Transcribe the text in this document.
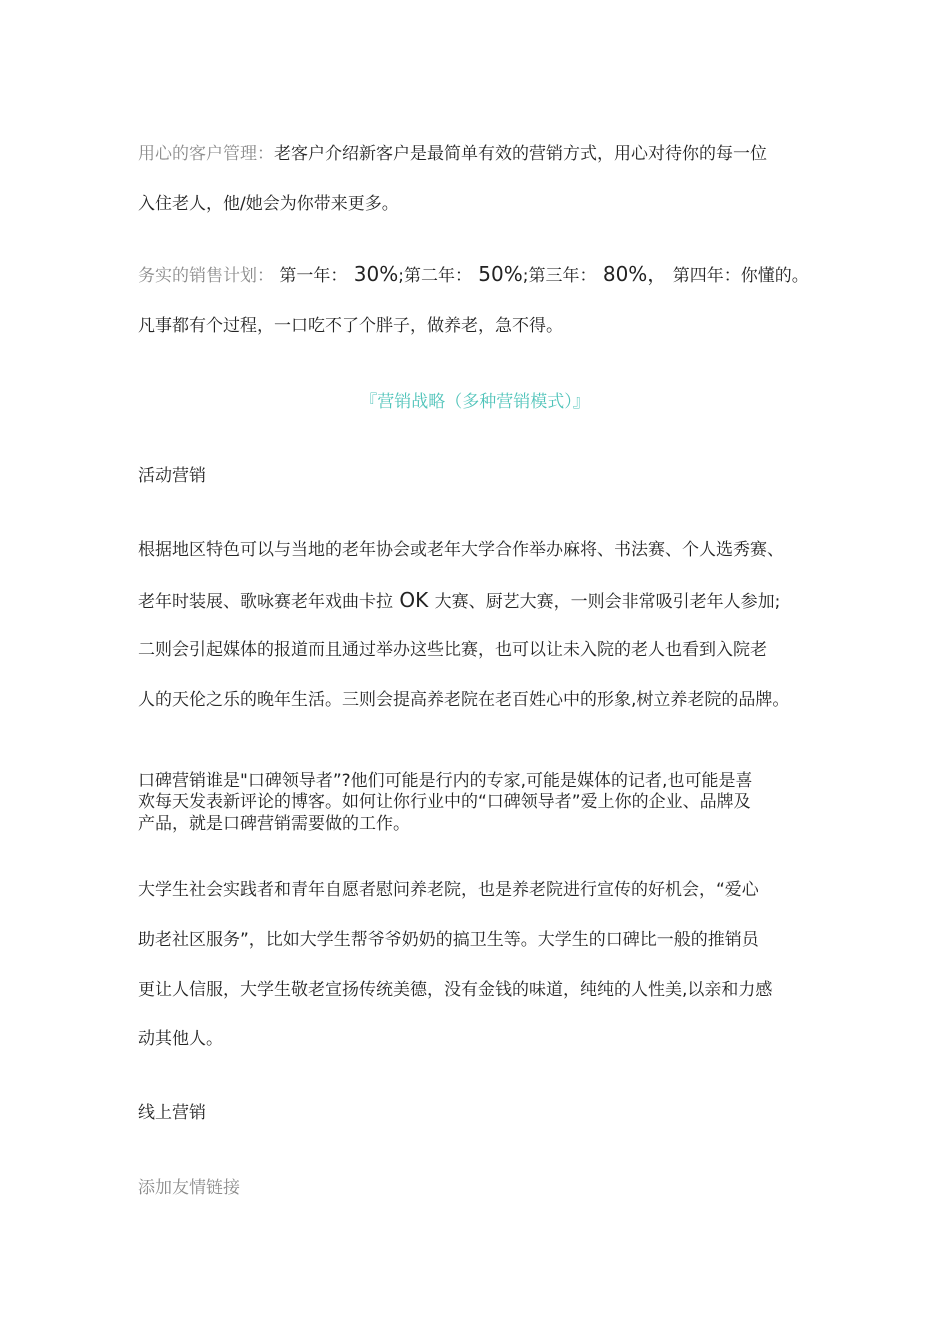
用心的客户管理：老客户介绍新客户是最简单有效的营销方式，用心对待你的每一位
入住老人，他/她会为你带来更多。
务实的销售计划： 第一年： 30%;第二年： 50%;第三年： 80%， 第四年：你懂的。
凡事都有个过程，一口吃不了个胖子，做养老，急不得。
『营销战略（多种营销模式）』
活动营销
根据地区特色可以与当地的老年协会或老年大学合作举办麻将、书法赛、个人选秀赛、
老年时装展、歌咏赛老年戏曲卡拉 OK 大赛、厨艺大赛，一则会非常吸引老年人参加;
二则会引起媒体的报道而且通过举办这些比赛，也可以让未入院的老人也看到入院老
人的天伦之乐的晚年生活。三则会提高养老院在老百姓心中的形象,树立养老院的品牌。
口碑营销谁是"口碑领导者”?他们可能是行内的专家,可能是媒体的记者,也可能是喜
欢每天发表新评论的博客。如何让你行业中的“口碑领导者”爱上你的企业、品牌及
产品，就是口碑营销需要做的工作。
大学生社会实践者和青年自愿者慰问养老院，也是养老院进行宣传的好机会，“爱心
助老社区服务”，比如大学生帮爷爷奶奶的搞卫生等。大学生的口碑比一般的推销员
更让人信服，大学生敬老宣扬传统美德，没有金钱的味道，纯纯的人性美,以亲和力感
动其他人。
线上营销
添加友情链接
